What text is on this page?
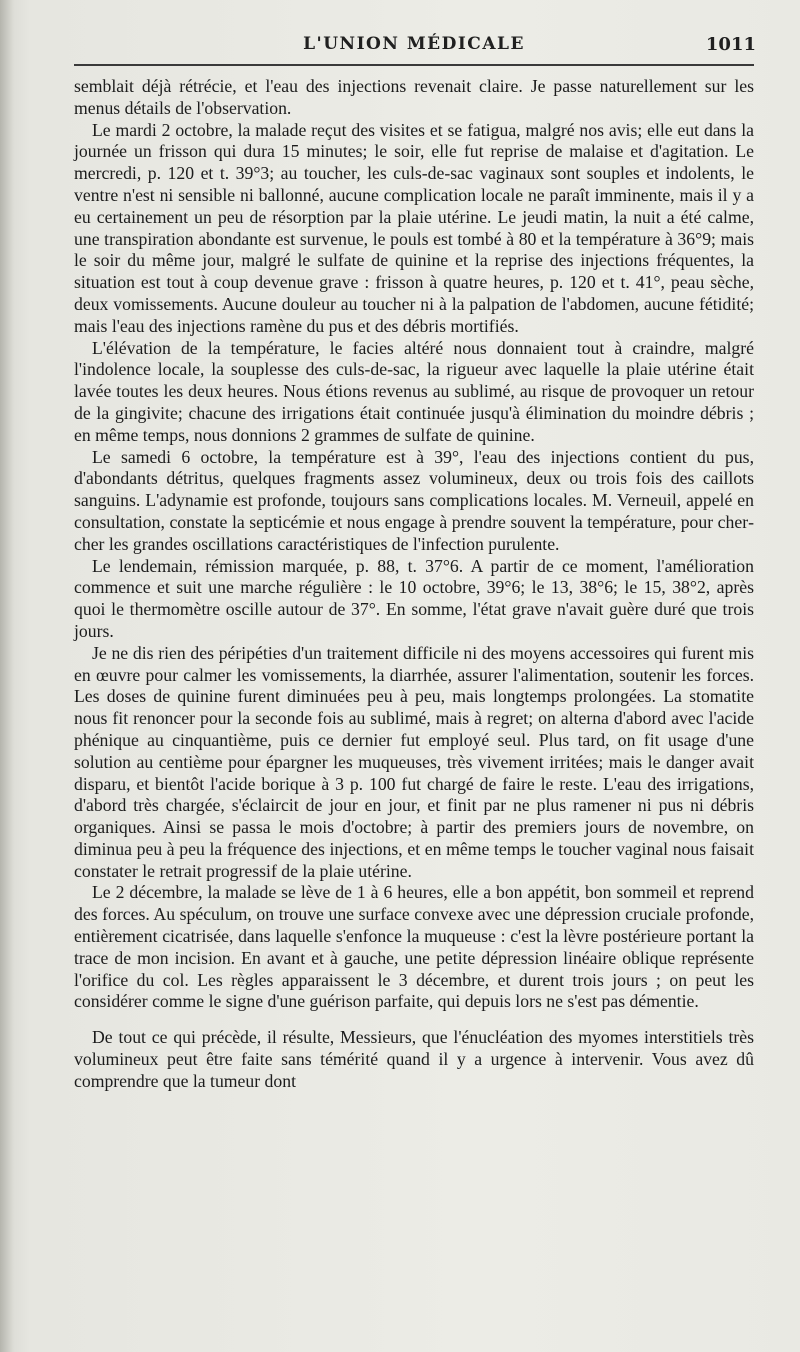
L'UNION MÉDICALE	1011

semblait déjà rétrécie, et l'eau des injections revenait claire. Je passe naturellement sur les menus détails de l'observation.

Le mardi 2 octobre, la malade reçut des visites et se fatigua, malgré nos avis; elle eut dans la journée un frisson qui dura 15 minutes; le soir, elle fut reprise de malaise et d'agitation. Le mercredi, p. 120 et t. 39°3; au toucher, les culs-de-sac vaginaux sont souples et indolents, le ventre n'est ni sensible ni ballonné, aucune complication locale ne paraît imminente, mais il y a eu certainement un peu de résorption par la plaie utérine. Le jeudi matin, la nuit a été calme, une transpiration abondante est survenue, le pouls est tombé à 80 et la température à 36°9; mais le soir du même jour, malgré le sulfate de quinine et la reprise des injections fréquentes, la situation est tout à coup devenue grave : frisson à quatre heures, p. 120 et t. 41°, peau sèche, deux vomissements. Aucune douleur au toucher ni à la palpation de l'abdomen, aucune fétidité; mais l'eau des injections ramène du pus et des débris mortifiés.

L'élévation de la température, le facies altéré nous donnaient tout à craindre, malgré l'indolence locale, la souplesse des culs-de-sac, la rigueur avec laquelle la plaie utérine était lavée toutes les deux heures. Nous étions revenus au sublimé, au risque de provoquer un retour de la gingivite; chacune des irrigations était continuée jusqu'à élimination du moindre débris ; en même temps, nous donnions 2 grammes de sulfate de quinine.

Le samedi 6 octobre, la température est à 39°, l'eau des injections contient du pus, d'abondants détritus, quelques fragments assez volumineux, deux ou trois fois des caillots sanguins. L'adynamie est profonde, toujours sans complications locales. M. Verneuil, appelé en consultation, constate la septicémie et nous engage à prendre souvent la température, pour chercher les grandes oscillations caractéristiques de l'infection purulente.

Le lendemain, rémission marquée, p. 88, t. 37°6. A partir de ce moment, l'amélioration commence et suit une marche régulière : le 10 octobre, 39°6; le 13, 38°6; le 15, 38°2, après quoi le thermomètre oscille autour de 37°. En somme, l'état grave n'avait guère duré que trois jours.

Je ne dis rien des péripéties d'un traitement difficile ni des moyens accessoires qui furent mis en œuvre pour calmer les vomissements, la diarrhée, assurer l'alimentation, soutenir les forces. Les doses de quinine furent diminuées peu à peu, mais longtemps prolongées. La stomatite nous fit renoncer pour la seconde fois au sublimé, mais à regret; on alterna d'abord avec l'acide phénique au cinquantième, puis ce dernier fut employé seul. Plus tard, on fit usage d'une solution au centième pour épargner les muqueuses, très vivement irritées; mais le danger avait disparu, et bientôt l'acide borique à 3 p. 100 fut chargé de faire le reste. L'eau des irrigations, d'abord très chargée, s'éclaircit de jour en jour, et finit par ne plus ramener ni pus ni débris organiques. Ainsi se passa le mois d'octobre; à partir des premiers jours de novembre, on diminua peu à peu la fréquence des injections, et en même temps le toucher vaginal nous faisait constater le retrait progressif de la plaie utérine.

Le 2 décembre, la malade se lève de 1 à 6 heures, elle a bon appétit, bon sommeil et reprend des forces. Au spéculum, on trouve une surface convexe avec une dépression cruciale profonde, entièrement cicatrisée, dans laquelle s'enfonce la muqueuse : c'est la lèvre postérieure portant la trace de mon incision. En avant et à gauche, une petite dépression linéaire oblique représente l'orifice du col. Les règles apparaissent le 3 décembre, et durent trois jours ; on peut les considérer comme le signe d'une guérison parfaite, qui depuis lors ne s'est pas démentie.

De tout ce qui précède, il résulte, Messieurs, que l'énucléation des myomes interstitiels très volumineux peut être faite sans témérité quand il y a urgence à intervenir. Vous avez dû comprendre que la tumeur dont
